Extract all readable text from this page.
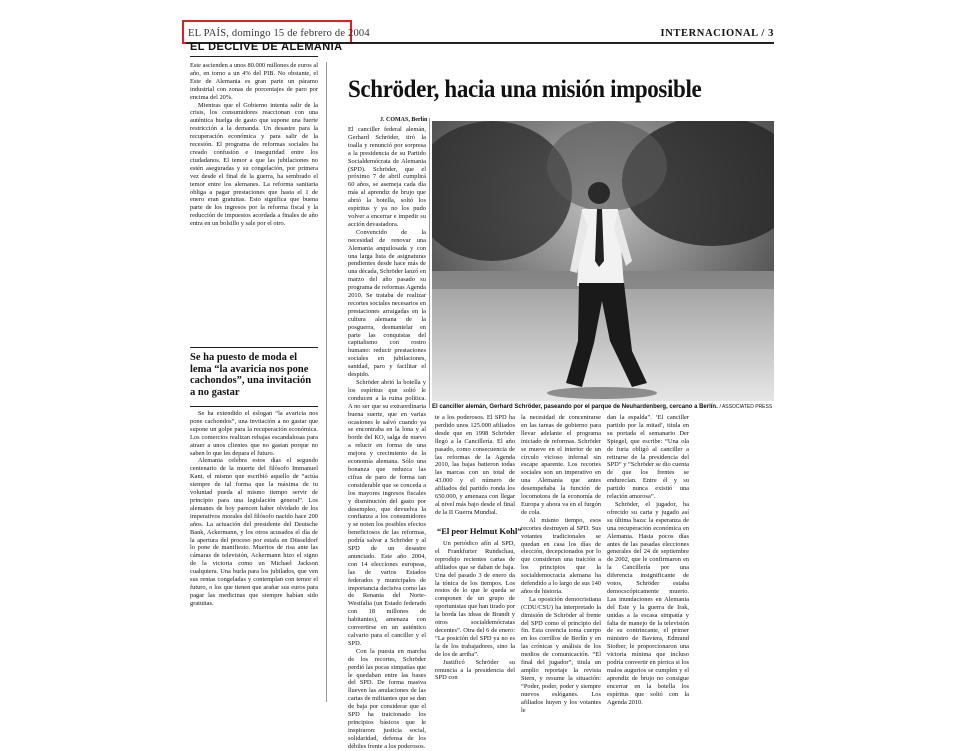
EL PAÍS, domingo 15 de febrero de 2004	INTERNACIONAL / 3
EL DECLIVE DE ALEMANIA

Este ascienden a unos 80.000 millones de euros al año, en torno a un 4% del PIB. No obstante, el Este de Alemania es gran parte un páramo industrial con zonas de porcentajes de paro por encima del 20%.

Mientras que el Gobierno intenta salir de la crisis, los consumidores reaccionan con una auténtica huelga de gasto que supone una fuerte restricción a la demanda. Un desastre para la recuperación económica y para salir de la recesión. El programa de reformas sociales ha creado confusión e inseguridad entre los ciudadanos. El temor a que las jubilaciones no estén aseguradas y su congelación, por primera vez desde el final de la guerra, ha sembrado el temor entre los alemanes. La reforma sanitaria obliga a pagar prestaciones que hasta el 1 de enero eran gratuitas. Esto significa que buena parte de los ingresos por la reforma fiscal y la reducción de impuestos acordada a finales de año entra en un bolsillo y sale por el otro.

Se ha puesto de moda el lema “la avaricia nos pone cachondos”, una invitación a no gastar

Se ha extendido el eslogan “la avaricia nos pone cachondos”, una invitación a no gastar que supone un golpe para la recuperación económica. Los comercios realizan rebajas escandalosas para atraer a unos clientes que no gastan porque no saben lo que les depara el futuro.

Alemania celebra estos días el segundo centenario de la muerte del filósofo Immanuel Kant, el mismo que escribió aquello de “actúa siempre de tal forma que la máxima de tu voluntad pueda al mismo tiempo servir de principio para una legislación general”. Los alemanes de hoy parecen haber olvidado de los imperativos morales del filósofo nacido hace 200 años. La actuación del presidente del Deutsche Bank, Ackermann, y los otros acusados el día de la apertura del proceso por estafa en Düsseldorf lo pone de manifiesto. Muertos de risa ante las cámaras de televisión, Ackermann hizo el signo de la victoria como un Michael Jackson cualquiera. Una burla para los jubilados, que ven sus rentas congeladas y contemplan con temor el futuro, o los que tienen que arañar sus euros para pagar las medicinas que siempre habían sido gratuitas.

Schröder, hacia una misión imposible
J. COMAS, Berlín

El canciller federal alemán, Gerhard Schröder, tiró la toalla y renunció por sorpresa a la presidencia de su Partido Socialdemócrata de Alemania (SPD). Schröder, que el próximo 7 de abril cumplirá 60 años, se asemeja cada día más al aprendiz de brujo que abrió la botella, soltó los espíritus y ya no los pudo volver a encerrar e impedir su acción devastadora.

Convencido de la necesidad de renovar una Alemania anquilosada y con una larga lista de asignaturas pendientes desde hace más de una década, Schröder lanzó en marzo del año pasado su programa de reformas Agenda 2010. Se trataba de realizar recortes sociales necesarios en prestaciones arraigadas en la cultura alemana de la posguerra, desmantelar en parte las conquistas del capitalismo con rostro humano: reducir prestaciones sociales en jubilaciones, sanidad, paro y facilitar el despido.

Schröder abrió la botella y los espíritus que soltó le conducen a la ruina política. A no ser que su extraordinaria buena suerte, que en varias ocasiones le salvó cuando ya se encontraba en la lona y al borde del KO, salga de nuevo a relucir en forma de una mejora y crecimiento de la economía alemana. Sólo una bonanza que reduzca las cifras de paro de forma tan considerable que se conceda a los mayores ingresos fiscales y disminución del gasto por desempleo, que devuelva la confianza a los consumidores y se noten los posibles efectos beneficiosos de las reformas, podría salvar a Schröder y al SPD de un desastre anunciado. Este año 2004, con 14 elecciones europeas, las de varios Estados federados y municipales de importancia decisiva como las de Renania del Norte-Westfalia (un Estado federado con 18 millones de habitantes), amenaza con convertirse en un auténtico calvario para el canciller y el SPD.

Con la puesta en marcha de los recortes, Schröder perdió las pocas simpatías que le quedaban entre las bases del SPD. De forma masiva llueven las anulaciones de las cartas de militantes que se dan de baja por considerar que el SPD ha traicionado los principios básicos que le inspiraron: justicia social, solidaridad, defensa de los débiles frente a los poderosos.

El canciller alemán, Gerhard Schröder, paseando por el parque de Neuhardenberg, cercano a Berlín. / ASSOCIATED PRESS

te a los poderosos. El SPD ha perdido unos 125.000 afiliados desde que en 1998 Schröder llegó a la Cancillería. El año pasado, como consecuencia de las reformas de la Agenda 2010, las bajas batieron todas las marcas con un total de 43.000 y el número de afiliados del partido ronda los 650.000, y amenaza con llegar al nivel más bajo desde el final de la II Guerra Mundial.

“El peor Helmut Kohl”

Un periódico afín al SPD, el Frankfurter Rundschau, reprodujo recientes cartas de afiliados que se daban de baja. Una del pasado 3 de enero da la tónica de los tiempos. Los restos de lo que le queda se componen de un grupo de oportunistas que han tirado por la borda las ideas de Brandt y otros socialdemócratas decentes”. Otra del 6 de enero: “La posición del SPD ya no es la de los trabajadores, sino la de los de arriba”.

Justificó Schröder su renuncia a la presidencia del SPD con

la necesidad de concentrarse en las tareas de gobierno para llevar adelante el programa iniciado de reformas. Schröder se mueve en el interior de un círculo vicioso infernal sin escape aparente. Los recortes sociales son un imperativo en una Alemania que antes desempeñaba la función de locomotora de la economía de Europa y ahora va en el furgón de cola.

Al mismo tiempo, esos recortes destruyen al SPD. Sus votantes tradicionales se quedan en casa los días de elección, decepcionados por lo que consideran una traición a los principios que la socialdemocracia alemana ha defendido a lo largo de sus 140 años de historia.

La oposición democristiana (CDU/CSU) ha interpretado la dimisión de Schröder al frente del SPD como el principio del fin. Esta creencia toma cuerpo en los corrillos de Berlín y en las crónicas y análisis de los medios de comunicación. “El final del jugador”, titula un amplio reportaje la revista Stern, y resume la situación: “Poder, poder, poder y siempre nuevos eslóganes. Los afiliados huyen y los votantes le

dan la espalda”. ‘El canciller partido por la mitad’, titula en su portada el semanario Der Spiegel, que escribe: “Una ola de furia obligó al canciller a retirarse de la presidencia del SPD” y “Schröder se dio cuenta de que los frentes se endurecían. Entre él y su partido nunca existió una relación amorosa”.

Schröder, el jugador, ha ofrecido su carta y jugado así su última baza: la esperanza de una recuperación económica en Alemania. Hasta pocos días antes de las pasadas elecciones generales del 24 de septiembre de 2002, que le confirmaron en la Cancillería por una diferencia insignificante de votos, Schröder estaba democscópicamente muerto. Las inundaciones en Alemania del Este y la guerra de Irak, unidas a la escasa simpatía y falta de manejo de la televisión de su contrincante, el primer ministro de Baviera, Edmund Stoiber, le proporcionaron una victoria mínima que incluso podría convertir en pírrica si los malos augurios se cumplen y el aprendiz de brujo no consigue encerrar en la botella los espíritus que soltó con la Agenda 2010.
